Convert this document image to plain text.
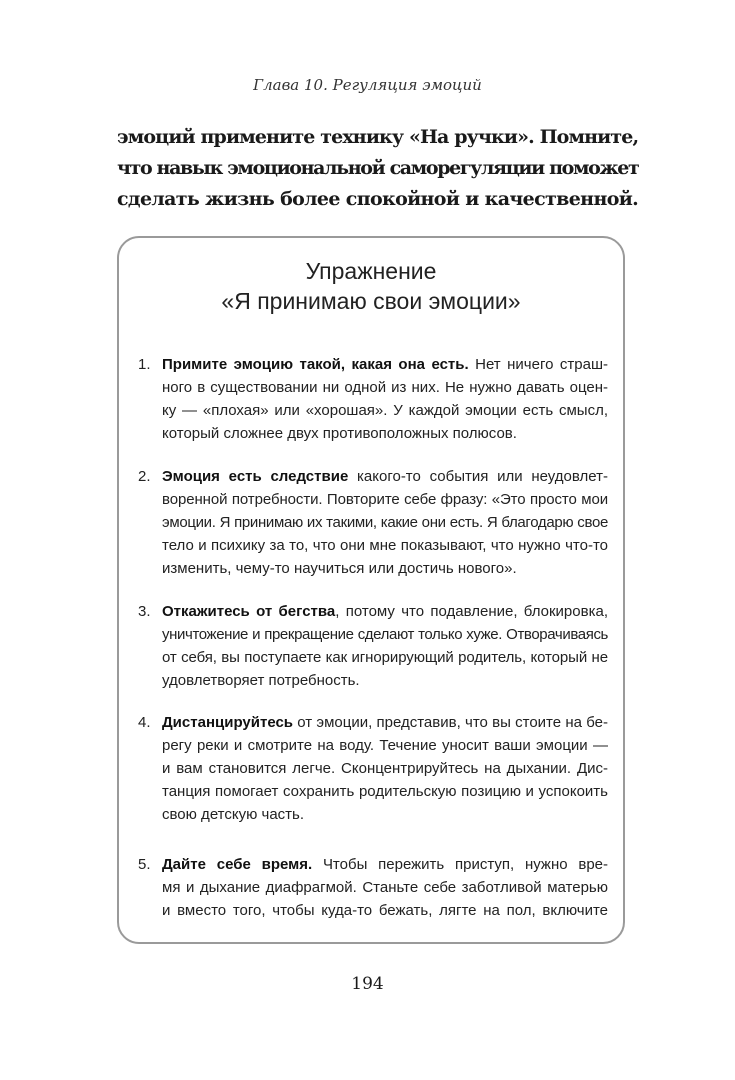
Глава 10. Регуляция эмоций
эмоций примените технику «На ручки». Помните,
что навык эмоциональной саморегуляции поможет
сделать жизнь более спокойной и качественной.
Упражнение
«Я принимаю свои эмоции»
1. Примите эмоцию такой, какая она есть. Нет ничего страш-
ного в существовании ни одной из них. Не нужно давать оцен-
ку — «плохая» или «хорошая». У каждой эмоции есть смысл,
который сложнее двух противоположных полюсов.
2. Эмоция есть следствие какого-то события или неудовлет-
воренной потребности. Повторите себе фразу: «Это просто мои
эмоции. Я принимаю их такими, какие они есть. Я благодарю свое
тело и психику за то, что они мне показывают, что нужно что-то
изменить, чему-то научиться или достичь нового».
3. Откажитесь от бегства, потому что подавление, блокировка,
уничтожение и прекращение сделают только хуже. Отворачиваясь
от себя, вы поступаете как игнорирующий родитель, который не
удовлетворяет потребность.
4. Дистанцируйтесь от эмоции, представив, что вы стоите на бе-
регу реки и смотрите на воду. Течение уносит ваши эмоции —
и вам становится легче. Сконцентрируйтесь на дыхании. Дис-
танция помогает сохранить родительскую позицию и успокоить
свою детскую часть.
5. Дайте себе время. Чтобы пережить приступ, нужно вре-
мя и дыхание диафрагмой. Станьте себе заботливой матерью
и вместо того, чтобы куда-то бежать, лягте на пол, включите
194
